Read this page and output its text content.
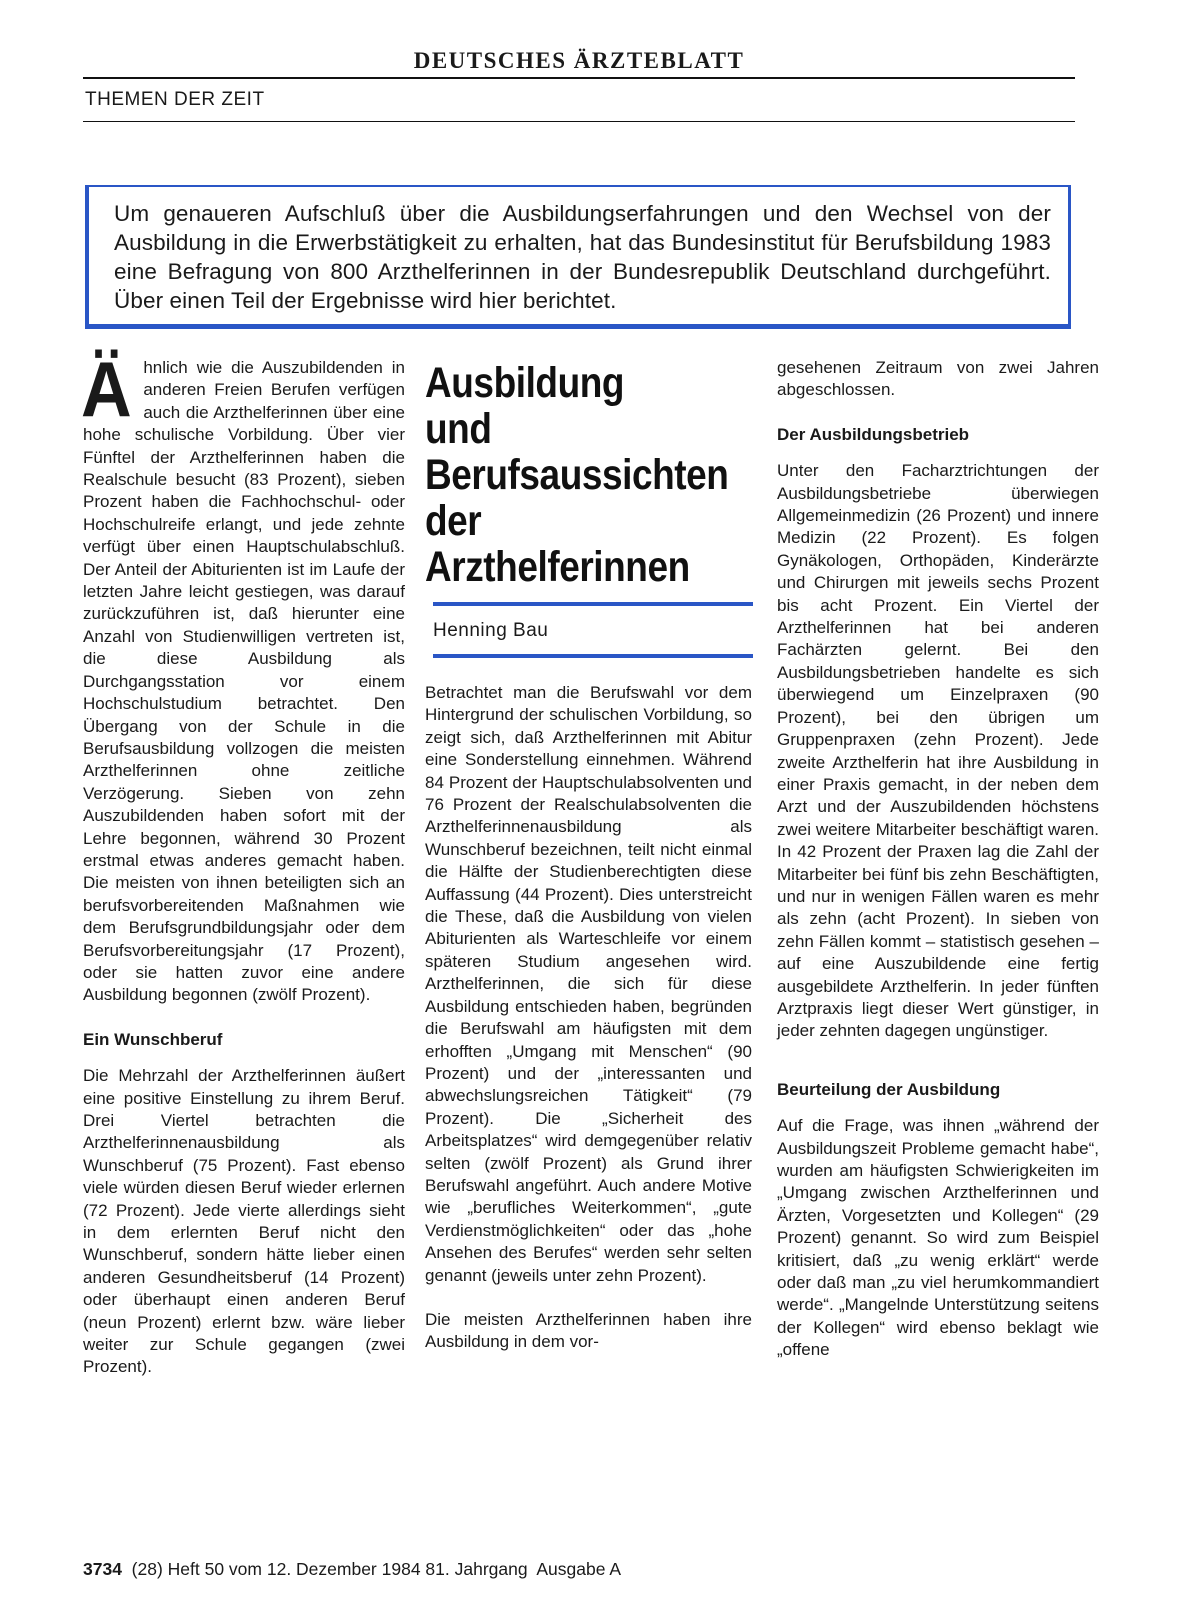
DEUTSCHES ÄRZTEBLATT
THEMEN DER ZEIT
Um genaueren Aufschluß über die Ausbildungserfahrungen und den Wechsel von der Ausbildung in die Erwerbstätigkeit zu erhalten, hat das Bundesinstitut für Berufsbildung 1983 eine Befragung von 800 Arzthelferinnen in der Bundesrepublik Deutschland durchgeführt. Über einen Teil der Ergebnisse wird hier berichtet.
Ä hnlich wie die Auszubildenden in anderen Freien Berufen verfügen auch die Arzthelferinnen über eine hohe schulische Vorbildung. Über vier Fünftel der Arzthelferinnen haben die Realschule besucht (83 Prozent), sieben Prozent haben die Fachhochschul- oder Hochschulreife erlangt, und jede zehnte verfügt über einen Hauptschulabschluß. Der Anteil der Abiturienten ist im Laufe der letzten Jahre leicht gestiegen, was darauf zurückzuführen ist, daß hierunter eine Anzahl von Studienwilligen vertreten ist, die diese Ausbildung als Durchgangsstation vor einem Hochschulstudium betrachtet. Den Übergang von der Schule in die Berufsausbildung vollzogen die meisten Arzthelferinnen ohne zeitliche Verzögerung. Sieben von zehn Auszubildenden haben sofort mit der Lehre begonnen, während 30 Prozent erstmal etwas anderes gemacht haben. Die meisten von ihnen beteiligten sich an berufsvorbereitenden Maßnahmen wie dem Berufsgrundbildungsjahr oder dem Berufsvorbereitungsjahr (17 Prozent), oder sie hatten zuvor eine andere Ausbildung begonnen (zwölf Prozent).

Ein Wunschberuf

Die Mehrzahl der Arzthelferinnen äußert eine positive Einstellung zu ihrem Beruf. Drei Viertel betrachten die Arzthelferinnenausbildung als Wunschberuf (75 Prozent). Fast ebenso viele würden diesen Beruf wieder erlernen (72 Prozent). Jede vierte allerdings sieht in dem erlernten Beruf nicht den Wunschberuf, sondern hätte lieber einen anderen Gesundheitsberuf (14 Prozent) oder überhaupt einen anderen Beruf (neun Prozent) erlernt bzw. wäre lieber weiter zur Schule gegangen (zwei Prozent).

Ausbildung und
Berufsaussichten
der
Arzthelferinnen
Henning Bau

Betrachtet man die Berufswahl vor dem Hintergrund der schulischen Vorbildung, so zeigt sich, daß Arzthelferinnen mit Abitur eine Sonderstellung einnehmen. Während 84 Prozent der Hauptschulabsolventen und 76 Prozent der Realschulabsolventen die Arzthelferinnenausbildung als Wunschberuf bezeichnen, teilt nicht einmal die Hälfte der Studienberechtigten diese Auffassung (44 Prozent). Dies unterstreicht die These, daß die Ausbildung von vielen Abiturienten als Warteschleife vor einem späteren Studium angesehen wird. Arzthelferinnen, die sich für diese Ausbildung entschieden haben, begründen die Berufswahl am häufigsten mit dem erhofften „Umgang mit Menschen“ (90 Prozent) und der „interessanten und abwechslungsreichen Tätigkeit“ (79 Prozent). Die „Sicherheit des Arbeitsplatzes“ wird demgegenüber relativ selten (zwölf Prozent) als Grund ihrer Berufswahl angeführt. Auch andere Motive wie „berufliches Weiterkommen“, „gute Verdienstmöglichkeiten“ oder das „hohe Ansehen des Berufes“ werden sehr selten genannt (jeweils unter zehn Prozent).

Die meisten Arzthelferinnen haben ihre Ausbildung in dem vor-

gesehenen Zeitraum von zwei Jahren abgeschlossen.

Der Ausbildungsbetrieb

Unter den Facharztrichtungen der Ausbildungsbetriebe überwiegen Allgemeinmedizin (26 Prozent) und innere Medizin (22 Prozent). Es folgen Gynäkologen, Orthopäden, Kinderärzte und Chirurgen mit jeweils sechs Prozent bis acht Prozent. Ein Viertel der Arzthelferinnen hat bei anderen Fachärzten gelernt. Bei den Ausbildungsbetrieben handelte es sich überwiegend um Einzelpraxen (90 Prozent), bei den übrigen um Gruppenpraxen (zehn Prozent). Jede zweite Arzthelferin hat ihre Ausbildung in einer Praxis gemacht, in der neben dem Arzt und der Auszubildenden höchstens zwei weitere Mitarbeiter beschäftigt waren. In 42 Prozent der Praxen lag die Zahl der Mitarbeiter bei fünf bis zehn Beschäftigten, und nur in wenigen Fällen waren es mehr als zehn (acht Prozent). In sieben von zehn Fällen kommt – statistisch gesehen – auf eine Auszubildende eine fertig ausgebildete Arzthelferin. In jeder fünften Arztpraxis liegt dieser Wert günstiger, in jeder zehnten dagegen ungünstiger.

Beurteilung der Ausbildung

Auf die Frage, was ihnen „während der Ausbildungszeit Probleme gemacht habe“, wurden am häufigsten Schwierigkeiten im „Umgang zwischen Arzthelferinnen und Ärzten, Vorgesetzten und Kollegen“ (29 Prozent) genannt. So wird zum Beispiel kritisiert, daß „zu wenig erklärt“ werde oder daß man „zu viel herumkommandiert werde“. „Mangelnde Unterstützung seitens der Kollegen“ wird ebenso beklagt wie „offene

3734  (28) Heft 50 vom 12. Dezember 1984 81. Jahrgang  Ausgabe A
